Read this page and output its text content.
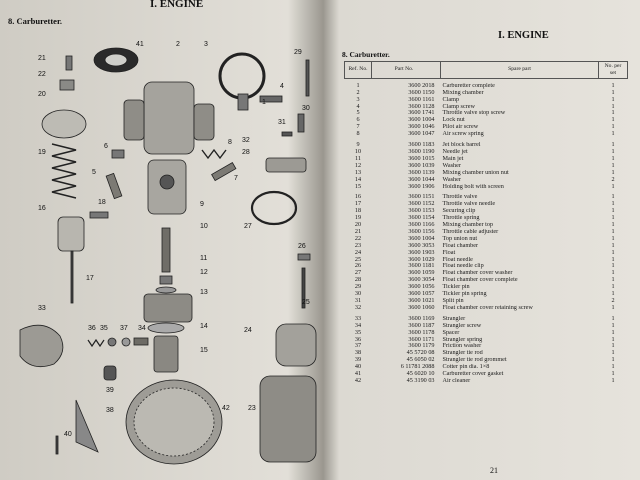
I. ENGINE
8. Carburetter.
41	2	3
29
21
22
20
4
1
30
31
6
8 32
28
19
5
7
9
16
18
27
10
26
11
17
12
13
25
33
36 35 37 34	14
24
15
39
38	42	23
40
I. ENGINE
8. Carburetter.
Ref. No.	Part No.	Spare part	No. per set

1	3600 2018	Carburetter complete	1
2	3600 1150	Mixing chamber	1
3	3600 1161	Clamp	1
4	3600 1128	Clamp screw	1
5	3600 1741	Throttle valve stop screw	1
6	3600 1004	Lock nut	1
7	3600 1046	Pilot air screw	1
8	3600 1047	Air screw spring	1

9	3600 1183	Jet block barrel	1
10	3600 1190	Needle jet	1
11	3600 1015	Main jet	1
12	3600 1039	Washer	1
13	3600 1139	Mixing chamber union nut	1
14	3600 1044	Washer	2
15	3600 1906	Holding bolt with screen	1

16	3600 1151	Throttle valve	1
17	3600 1152	Throttle valve needle	1
18	3600 1153	Securing clip	1
19	3600 1154	Throttle spring	1
20	3600 1166	Mixing chamber top	1
21	3600 1156	Throttle cable adjuster	1
22	3600 1004	Top union nut	1
23	3600 3053	Float chamber	1
24	3600 1903	Float	1
25	3600 1029	Float needle	1
26	3600 1181	Float needle clip	1
27	3600 1059	Float chamber cover washer	1
28	3600 3054	Float chamber cover complete	1
29	3600 1056	Tickler pin	1
30	3600 1057	Tickler pin spring	1
31	3600 1021	Split pin	2
32	3600 1060	Float chamber cover retaining screw	1

33	3600 1169	Strangler	1
34	3600 1187	Strangler screw	1
35	3600 1178	Spacer	1
36	3600 1171	Strangler spring	1
37	3600 1179	Friction washer	1
38	45 5720 08	Strangler tie rod	1
39	45 6050 02	Strangler tie rod grommet	1
40	6 11781 2088	Cotter pin dia. 1×8	1
41	45 6020 10	Carburetter cover gasket	1
42	45 3190 03	Air cleaner	1
21
